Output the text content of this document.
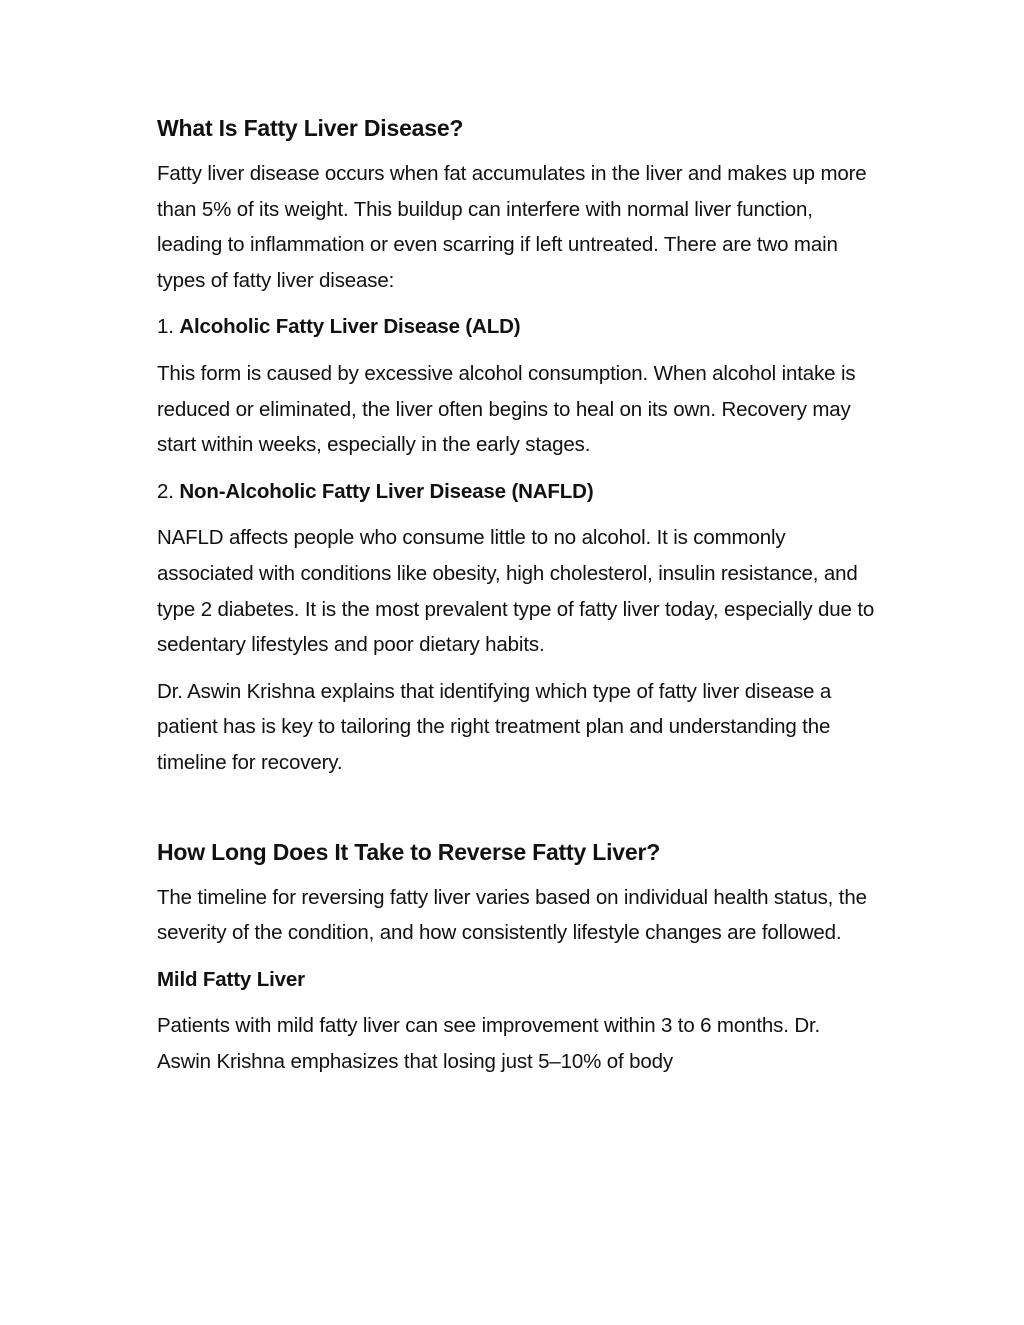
What Is Fatty Liver Disease?
Fatty liver disease occurs when fat accumulates in the liver and makes up more than 5% of its weight. This buildup can interfere with normal liver function, leading to inflammation or even scarring if left untreated. There are two main types of fatty liver disease:
1. Alcoholic Fatty Liver Disease (ALD)
This form is caused by excessive alcohol consumption. When alcohol intake is reduced or eliminated, the liver often begins to heal on its own. Recovery may start within weeks, especially in the early stages.
2. Non-Alcoholic Fatty Liver Disease (NAFLD)
NAFLD affects people who consume little to no alcohol. It is commonly associated with conditions like obesity, high cholesterol, insulin resistance, and type 2 diabetes. It is the most prevalent type of fatty liver today, especially due to sedentary lifestyles and poor dietary habits.
Dr. Aswin Krishna explains that identifying which type of fatty liver disease a patient has is key to tailoring the right treatment plan and understanding the timeline for recovery.
How Long Does It Take to Reverse Fatty Liver?
The timeline for reversing fatty liver varies based on individual health status, the severity of the condition, and how consistently lifestyle changes are followed.
Mild Fatty Liver
Patients with mild fatty liver can see improvement within 3 to 6 months. Dr. Aswin Krishna emphasizes that losing just 5–10% of body
